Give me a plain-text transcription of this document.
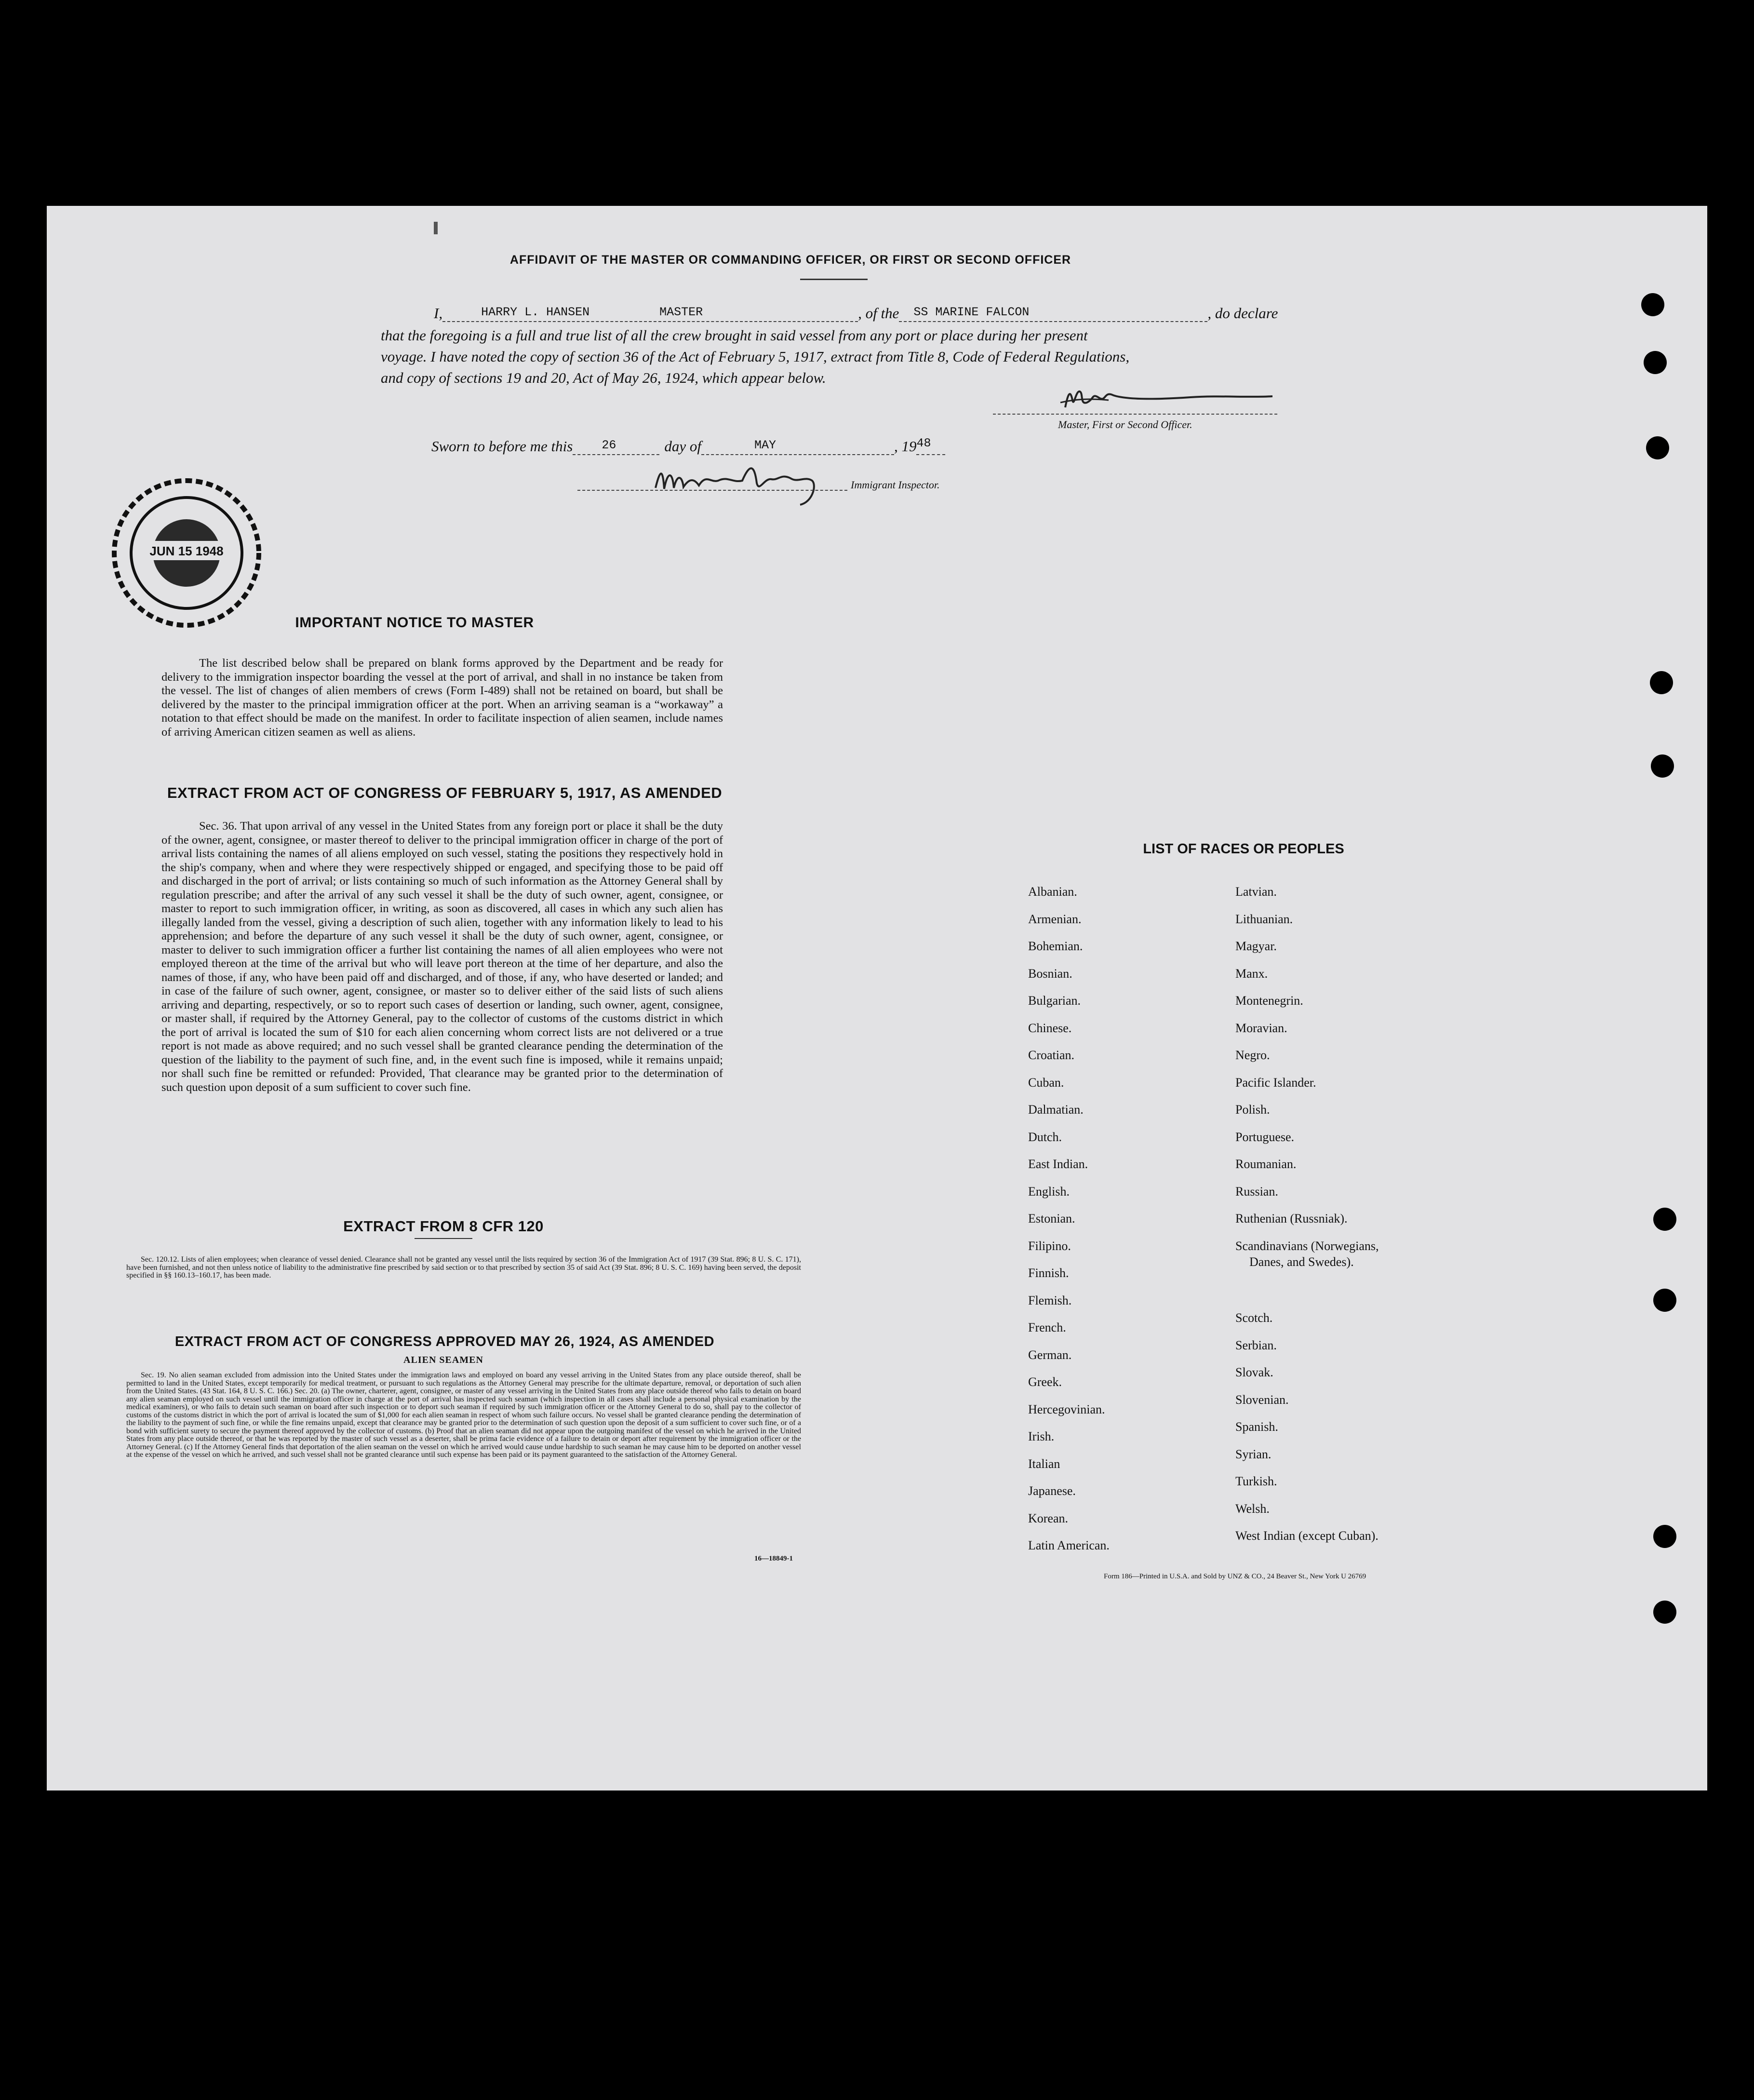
AFFIDAVIT OF THE MASTER OR COMMANDING OFFICER, OR FIRST OR SECOND OFFICER
I,	HARRY L. HANSEN	MASTER	, of the SS MARINE FALCON	, do declare
that the foregoing is a full and true list of all the crew brought in said vessel from any port or place during her present
voyage. I have noted the copy of section 36 of the Act of February 5, 1917, extract from Title 8, Code of Federal Regulations,
and copy of sections 19 and 20, Act of May 26, 1924, which appear below.
Master, First or Second Officer.
Sworn to before me this 26	day of	MAY	, 19 48
Immigrant Inspector.
JUN 15 1948
IMPORTANT NOTICE TO MASTER

The list described below shall be prepared on blank forms approved by the Department and be ready for delivery to the immigration inspector boarding the vessel at the port of arrival, and shall in no instance be taken from the vessel. The list of changes of alien members of crews (Form I-489) shall not be retained on board, but shall be delivered by the master to the principal immigration officer at the port. When an arriving seaman is a “workaway” a notation to that effect should be made on the manifest. In order to facilitate inspection of alien seamen, include names of arriving American citizen seamen as well as aliens.

EXTRACT FROM ACT OF CONGRESS OF FEBRUARY 5, 1917, AS AMENDED

Sec. 36. That upon arrival of any vessel in the United States from any foreign port or place it shall be the duty of the owner, agent, consignee, or master thereof to deliver to the principal immigration officer in charge of the port of arrival lists containing the names of all aliens employed on such vessel, stating the positions they respectively hold in the ship's company, when and where they were respectively shipped or engaged, and specifying those to be paid off and discharged in the port of arrival; or lists containing so much of such information as the Attorney General shall by regulation prescribe; and after the arrival of any such vessel it shall be the duty of such owner, agent, consignee, or master to report to such immigration officer, in writing, as soon as discovered, all cases in which any such alien has illegally landed from the vessel, giving a description of such alien, together with any information likely to lead to his apprehension; and before the departure of any such vessel it shall be the duty of such owner, agent, consignee, or master to deliver to such immigration officer a further list containing the names of all alien employees who were not employed thereon at the time of the arrival but who will leave port thereon at the time of her departure, and also the names of those, if any, who have been paid off and discharged, and of those, if any, who have deserted or landed; and in case of the failure of such owner, agent, consignee, or master so to deliver either of the said lists of such aliens arriving and departing, respectively, or so to report such cases of desertion or landing, such owner, agent, consignee, or master shall, if required by the Attorney General, pay to the collector of customs of the customs district in which the port of arrival is located the sum of $10 for each alien concerning whom correct lists are not delivered or a true report is not made as above required; and no such vessel shall be granted clearance pending the determination of the question of the liability to the payment of such fine, and, in the event such fine is imposed, while it remains unpaid; nor shall such fine be remitted or refunded: Provided, That clearance may be granted prior to the determination of such question upon deposit of a sum sufficient to cover such fine.

EXTRACT FROM 8 CFR 120

Sec. 120.12. Lists of alien employees; when clearance of vessel denied. Clearance shall not be granted any vessel until the lists required by section 36 of the Immigration Act of 1917 (39 Stat. 896; 8 U. S. C. 171), have been furnished, and not then unless notice of liability to the administrative fine prescribed by said section or to that prescribed by section 35 of said Act (39 Stat. 896; 8 U. S. C. 169) having been served, the deposit specified in §§ 160.13–160.17, has been made.

EXTRACT FROM ACT OF CONGRESS APPROVED MAY 26, 1924, AS AMENDED
ALIEN SEAMEN

Sec. 19. No alien seaman excluded from admission into the United States under the immigration laws and employed on board any vessel arriving in the United States from any place outside thereof, shall be permitted to land in the United States, except temporarily for medical treatment, or pursuant to such regulations as the Attorney General may prescribe for the ultimate departure, removal, or deportation of such alien from the United States. (43 Stat. 164, 8 U. S. C. 166.) Sec. 20. (a) The owner, charterer, agent, consignee, or master of any vessel arriving in the United States from any place outside thereof who fails to detain on board any alien seaman employed on such vessel until the immigration officer in charge at the port of arrival has inspected such seaman (which inspection in all cases shall include a personal physical examination by the medical examiners), or who fails to detain such seaman on board after such inspection or to deport such seaman if required by such immigration officer or the Attorney General to do so, shall pay to the collector of customs of the customs district in which the port of arrival is located the sum of $1,000 for each alien seaman in respect of whom such failure occurs. No vessel shall be granted clearance pending the determination of the liability to the payment of such fine, or while the fine remains unpaid, except that clearance may be granted prior to the determination of such question upon the deposit of a sum sufficient to cover such fine, or of a bond with sufficient surety to secure the payment thereof approved by the collector of customs. (b) Proof that an alien seaman did not appear upon the outgoing manifest of the vessel on which he arrived in the United States from any place outside thereof, or that he was reported by the master of such vessel as a deserter, shall be prima facie evidence of a failure to detain or deport after requirement by the immigration officer or the Attorney General. (c) If the Attorney General finds that deportation of the alien seaman on the vessel on which he arrived would cause undue hardship to such seaman he may cause him to be deported on another vessel at the expense of the vessel on which he arrived, and such vessel shall not be granted clearance until such expense has been paid or its payment guaranteed to the satisfaction of the Attorney General.

16—18849-1
LIST OF RACES OR PEOPLES
Albanian.
Armenian.
Bohemian.
Bosnian.
Bulgarian.
Chinese.
Croatian.
Cuban.
Dalmatian.
Dutch.
East Indian.
English.
Estonian.
Filipino.
Finnish.
Flemish.
French.
German.
Greek.
Hercegovinian.
Irish.
Italian
Japanese.
Korean.
Latin American.
Latvian.
Lithuanian.
Magyar.
Manx.
Montenegrin.
Moravian.
Negro.
Pacific Islander.
Polish.
Portuguese.
Roumanian.
Russian.
Ruthenian (Russniak).
Scandinavians (Norwegians,
Danes, and Swedes).
Scotch.
Serbian.
Slovak.
Slovenian.
Spanish.
Syrian.
Turkish.
Welsh.
West Indian (except Cuban).
Form 186—Printed in U.S.A. and Sold by UNZ & CO., 24 Beaver St., New York U 26769
